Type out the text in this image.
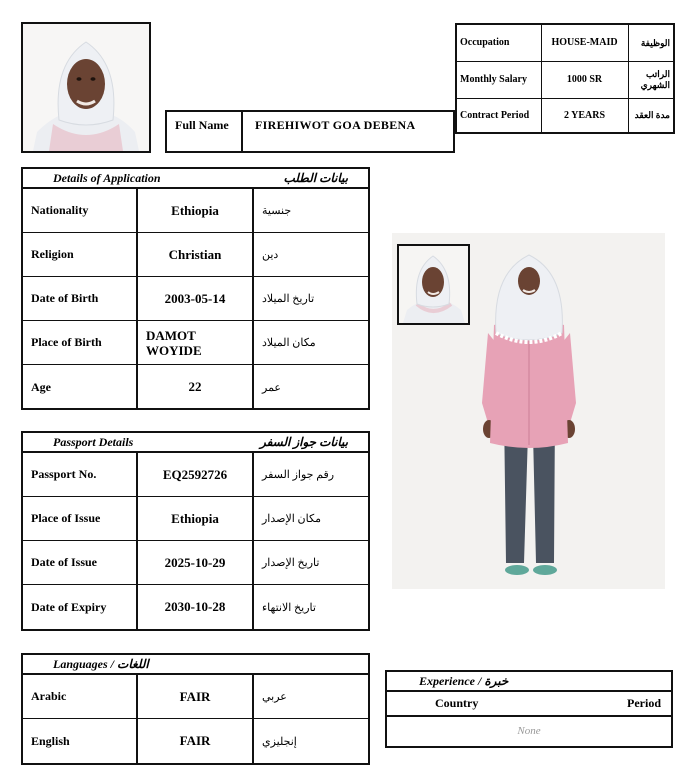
Occupation	HOUSE-MAID	الوظيفة
Monthly Salary	1000 SR	الراتب الشهري
Contract Period	2 YEARS	مدة العقد
Full Name	FIREHIWOT GOA DEBENA
Details of Application	بيانات الطلب
Nationality	Ethiopia	جنسية
Religion	Christian	دين
Date of Birth	2003-05-14	تاريخ الميلاد
Place of Birth	DAMOT WOYIDE	مكان الميلاد
Age	22	عمر
Passport Details	بيانات جواز السفر
Passport No.	EQ2592726	رقم جواز السفر
Place of Issue	Ethiopia	مكان الإصدار
Date of Issue	2025-10-29	تاريخ الإصدار
Date of Expiry	2030-10-28	تاريخ الانتهاء
Languages / اللغات
Arabic	FAIR	عربي
English	FAIR	إنجليزي
Experience / خبرة
Country	Period
None
